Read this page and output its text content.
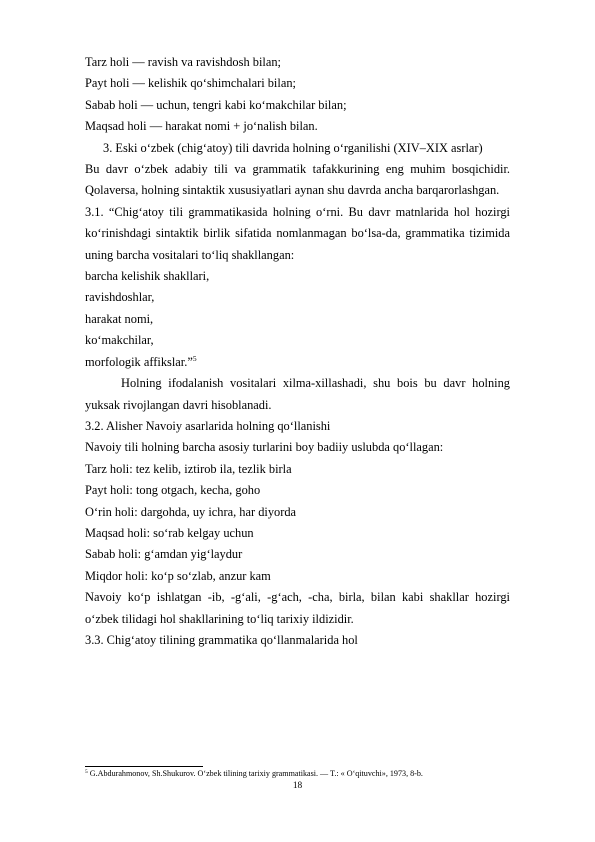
Tarz holi — ravish va ravishdosh bilan;
Payt holi — kelishik qo‘shimchalari bilan;
Sabab holi — uchun, tengri kabi ko‘makchilar bilan;
Maqsad holi — harakat nomi + jo‘nalish bilan.
3. Eski o‘zbek (chig‘atoy) tili davrida holning o‘rganilishi (XIV–XIX asrlar)
Bu davr o‘zbek adabiy tili va grammatik tafakkurining eng muhim bosqichidir. Qolaversa, holning sintaktik xususiyatlari aynan shu davrda ancha barqarorlashgan.
3.1. “Chig‘atoy tili grammatikasida holning o‘rni. Bu davr matnlarida hol hozirgi ko‘rinishdagi sintaktik birlik sifatida nomlanmagan bo‘lsa-da, grammatika tizimida uning barcha vositalari to‘liq shakllangan:
barcha kelishik shakllari,
ravishdoshlar,
harakat nomi,
ko‘makchilar,
morfologik affikslar.”$^5$
Holning ifodalanish vositalari xilma-xillashadi, shu bois bu davr holning yuksak rivojlangan davri hisoblanadi.
3.2. Alisher Navoiy asarlarida holning qo‘llanishi
Navoiy tili holning barcha asosiy turlarini boy badiiy uslubda qo‘llagan:
Tarz holi: tez kelib, iztirob ila, tezlik birla
Payt holi: tong otgach, kecha, goho
O‘rin holi: dargohda, uy ichra, har diyorda
Maqsad holi: so‘rab kelgay uchun
Sabab holi: g‘amdan yig‘laydur
Miqdor holi: ko‘p so‘zlab, anzur kam
Navoiy ko‘p ishlatgan -ib, -g‘ali, -g‘ach, -cha, birla, bilan kabi shakllar hozirgi o‘zbek tilidagi hol shakllarining to‘liq tarixiy ildizidir.
3.3. Chig‘atoy tilining grammatika qo‘llanmalarida hol
$^5$ G.Abdurahmonov, Sh.Shukurov. O‘zbek tilining tarixiy grammatikasi. — T.: « O‘qituvchi», 1973, 8-b.
18
